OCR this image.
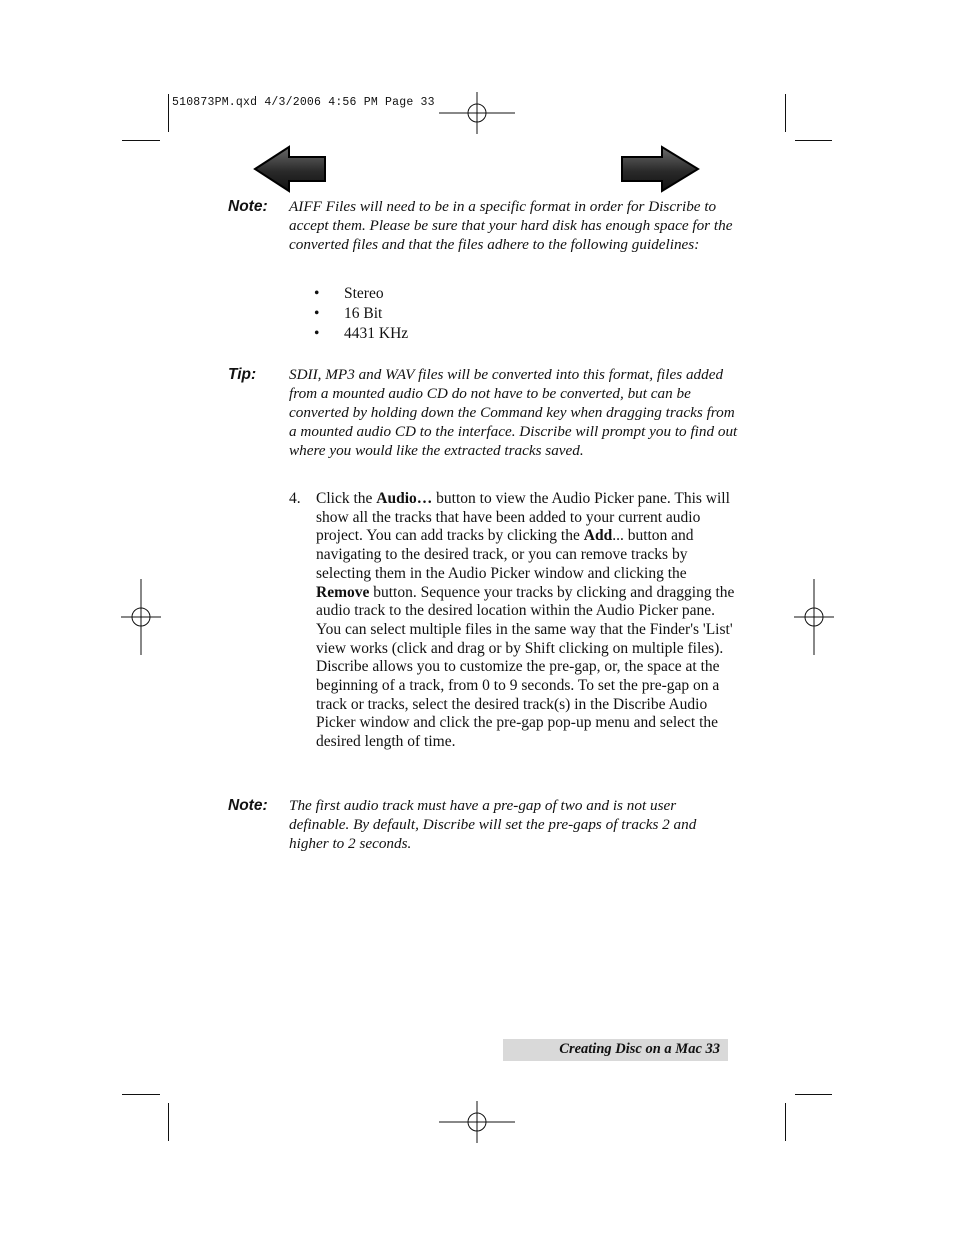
510873PM.qxd 4/3/2006 4:56 PM Page 33
Note: AIFF Files will need to be in a specific format in order for Discribe to accept them. Please be sure that your hard disk has enough space for the converted files and that the files adhere to the following guidelines:
• Stereo
• 16 Bit
• 4431 KHz
Tip: SDII, MP3 and WAV files will be converted into this format, files added from a mounted audio CD do not have to be converted, but can be converted by holding down the Command key when dragging tracks from a mounted audio CD to the interface. Discribe will prompt you to find out where you would like the extracted tracks saved.
4. Click the Audio… button to view the Audio Picker pane. This will show all the tracks that have been added to your current audio project. You can add tracks by clicking the Add... button and navigating to the desired track, or you can remove tracks by selecting them in the Audio Picker window and clicking the Remove button. Sequence your tracks by clicking and dragging the audio track to the desired location within the Audio Picker pane. You can select multiple files in the same way that the Finder's 'List' view works (click and drag or by Shift clicking on multiple files). Discribe allows you to customize the pre-gap, or, the space at the beginning of a track, from 0 to 9 seconds. To set the pre-gap on a track or tracks, select the desired track(s) in the Discribe Audio Picker window and click the pre-gap pop-up menu and select the desired length of time.
Note: The first audio track must have a pre-gap of two and is not user definable. By default, Discribe will set the pre-gaps of tracks 2 and higher to 2 seconds.
Creating Disc on a Mac 33
